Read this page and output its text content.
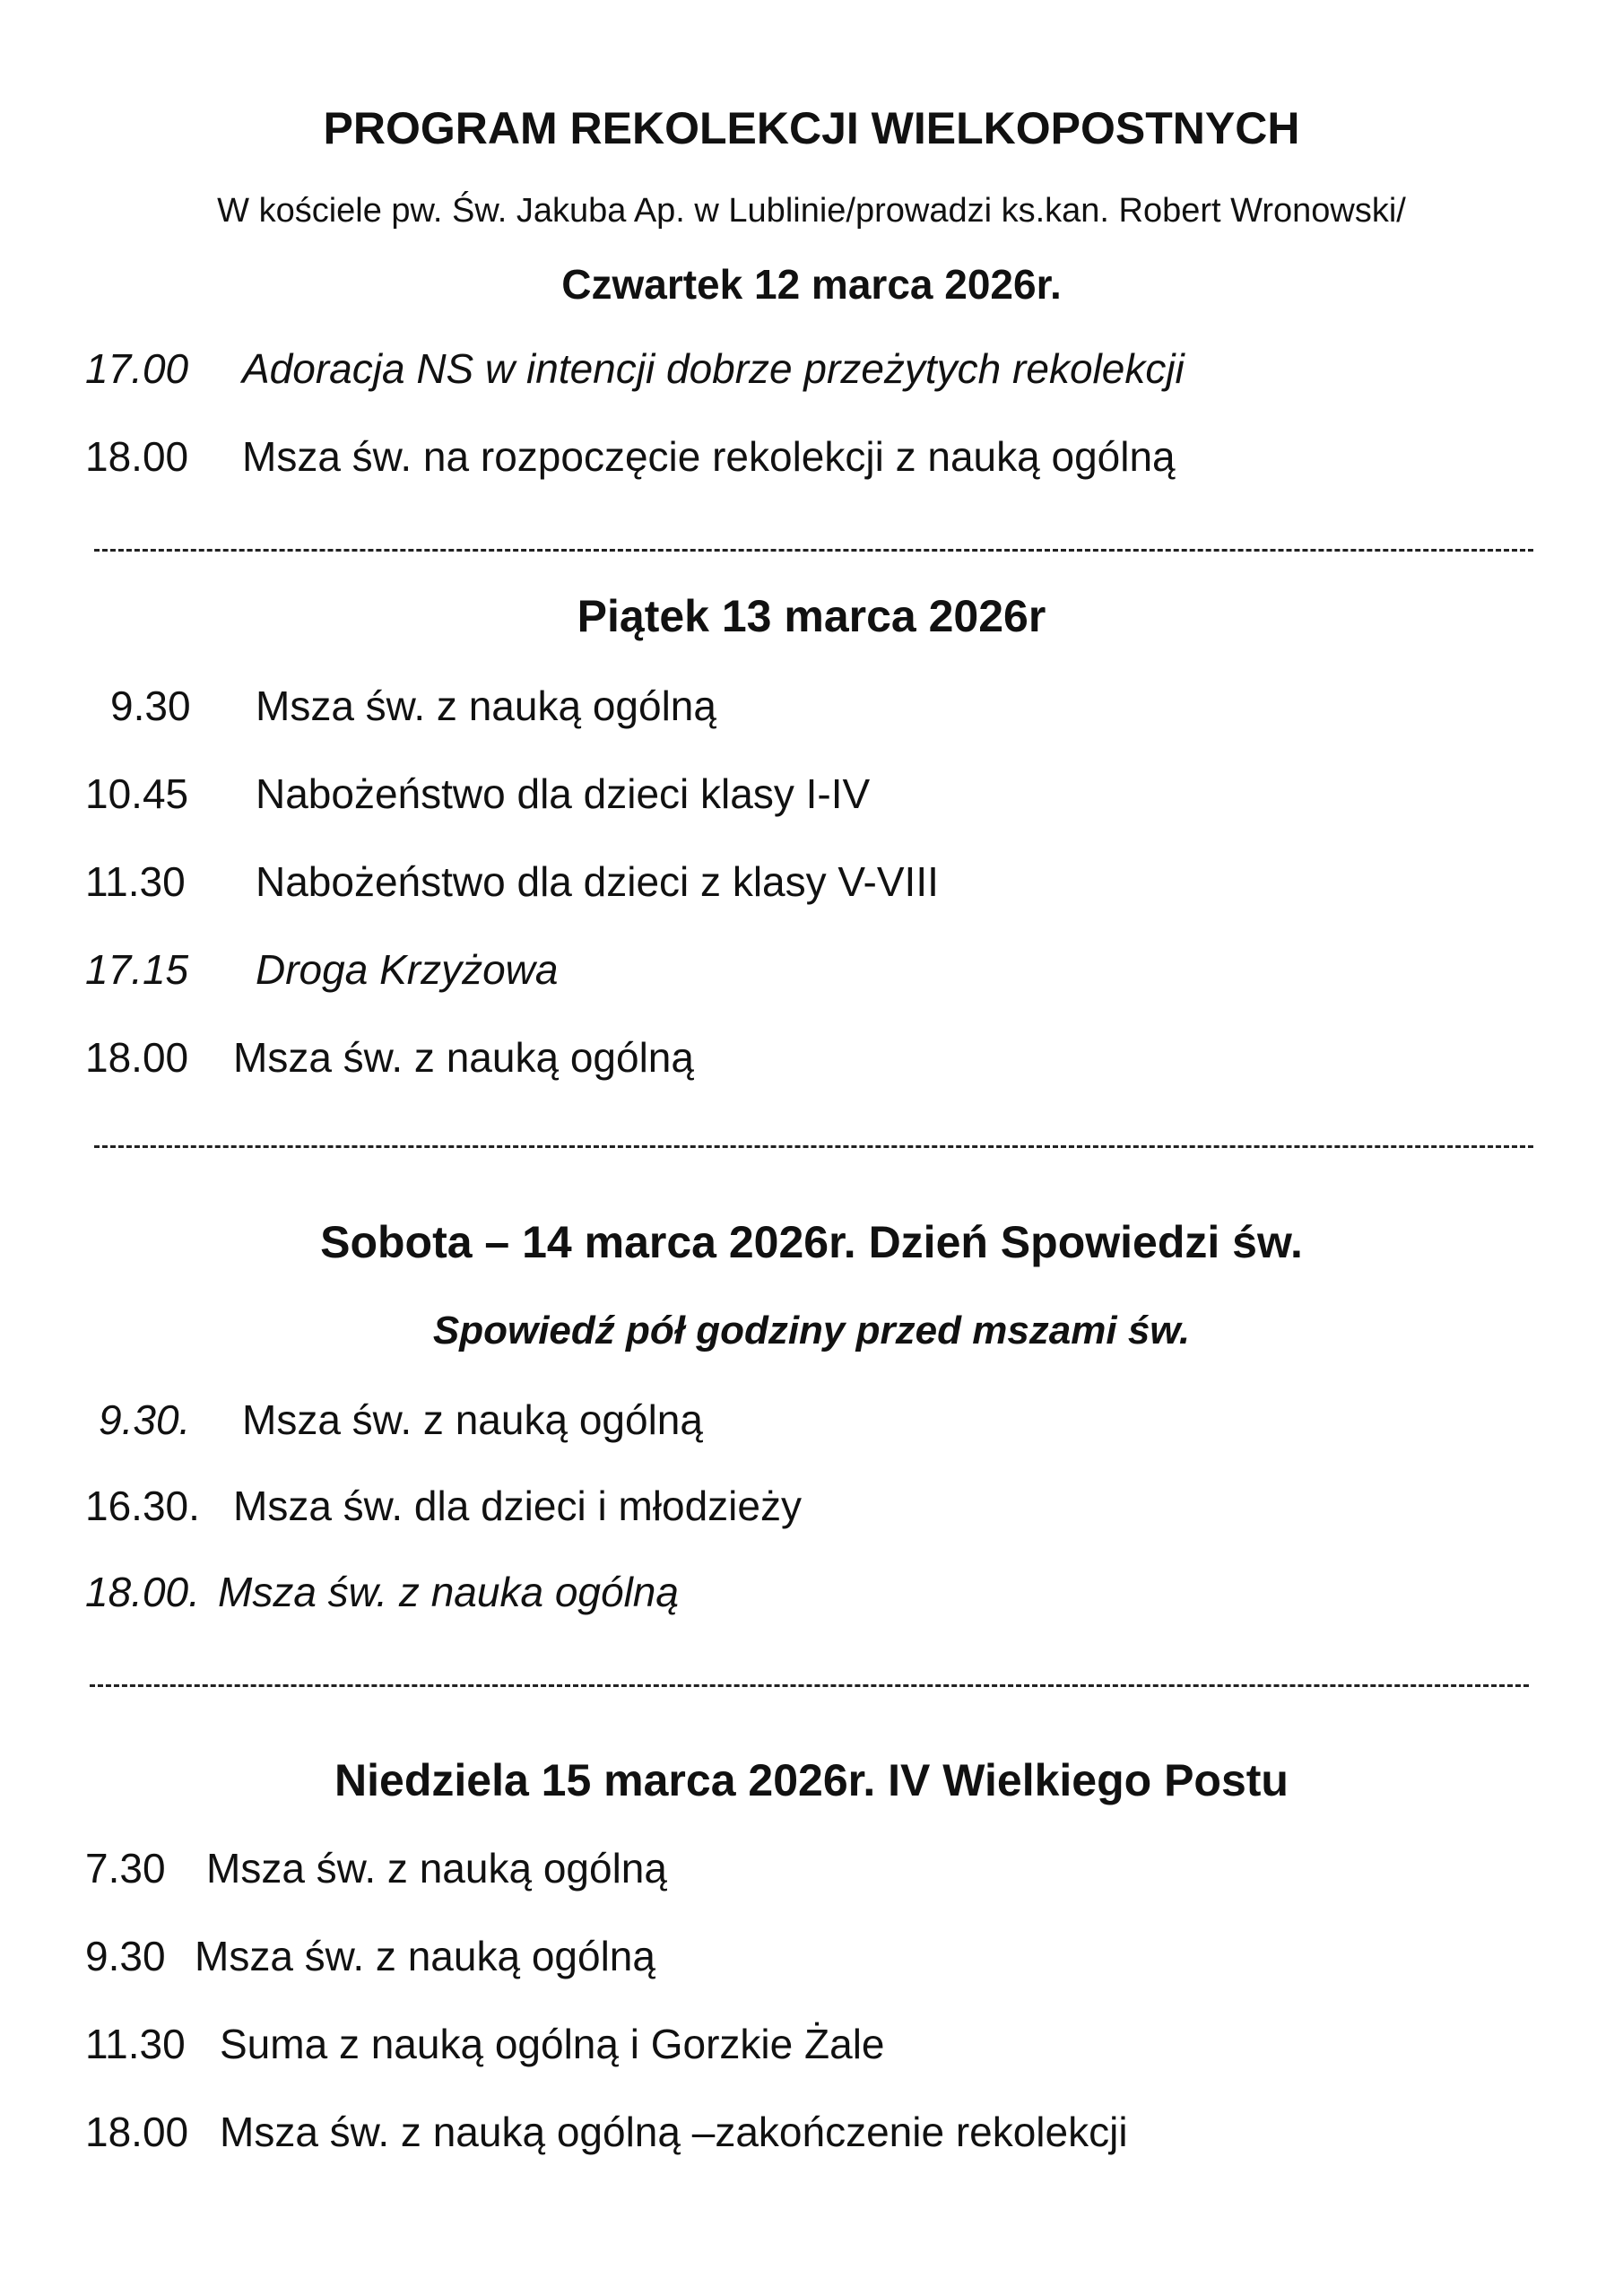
PROGRAM REKOLEKCJI WIELKOPOSTNYCH
W kościele pw. Św. Jakuba Ap. w Lublinie/prowadzi ks.kan. Robert Wronowski/
Czwartek 12 marca 2026r.
17.00 Adoracja NS w intencji dobrze przeżytych rekolekcji
18.00 Msza św. na rozpoczęcie rekolekcji z nauką ogólną
Piątek 13 marca 2026r
9.30 Msza św. z nauką ogólną
10.45 Nabożeństwo dla dzieci klasy I-IV
11.30 Nabożeństwo dla dzieci z klasy V-VIII
17.15 Droga Krzyżowa
18.00 Msza św. z nauką ogólną
Sobota – 14 marca 2026r. Dzień Spowiedzi św.
Spowiedź pół godziny przed mszami św.
9.30. Msza św. z nauką ogólną
16.30. Msza św. dla dzieci i młodzieży
18.00. Msza św. z nauka ogólną
Niedziela 15 marca 2026r. IV Wielkiego Postu
7.30 Msza św. z nauką ogólną
9.30 Msza św. z nauką ogólną
11.30 Suma z nauką ogólną i Gorzkie Żale
18.00 Msza św. z nauką ogólną –zakończenie rekolekcji
